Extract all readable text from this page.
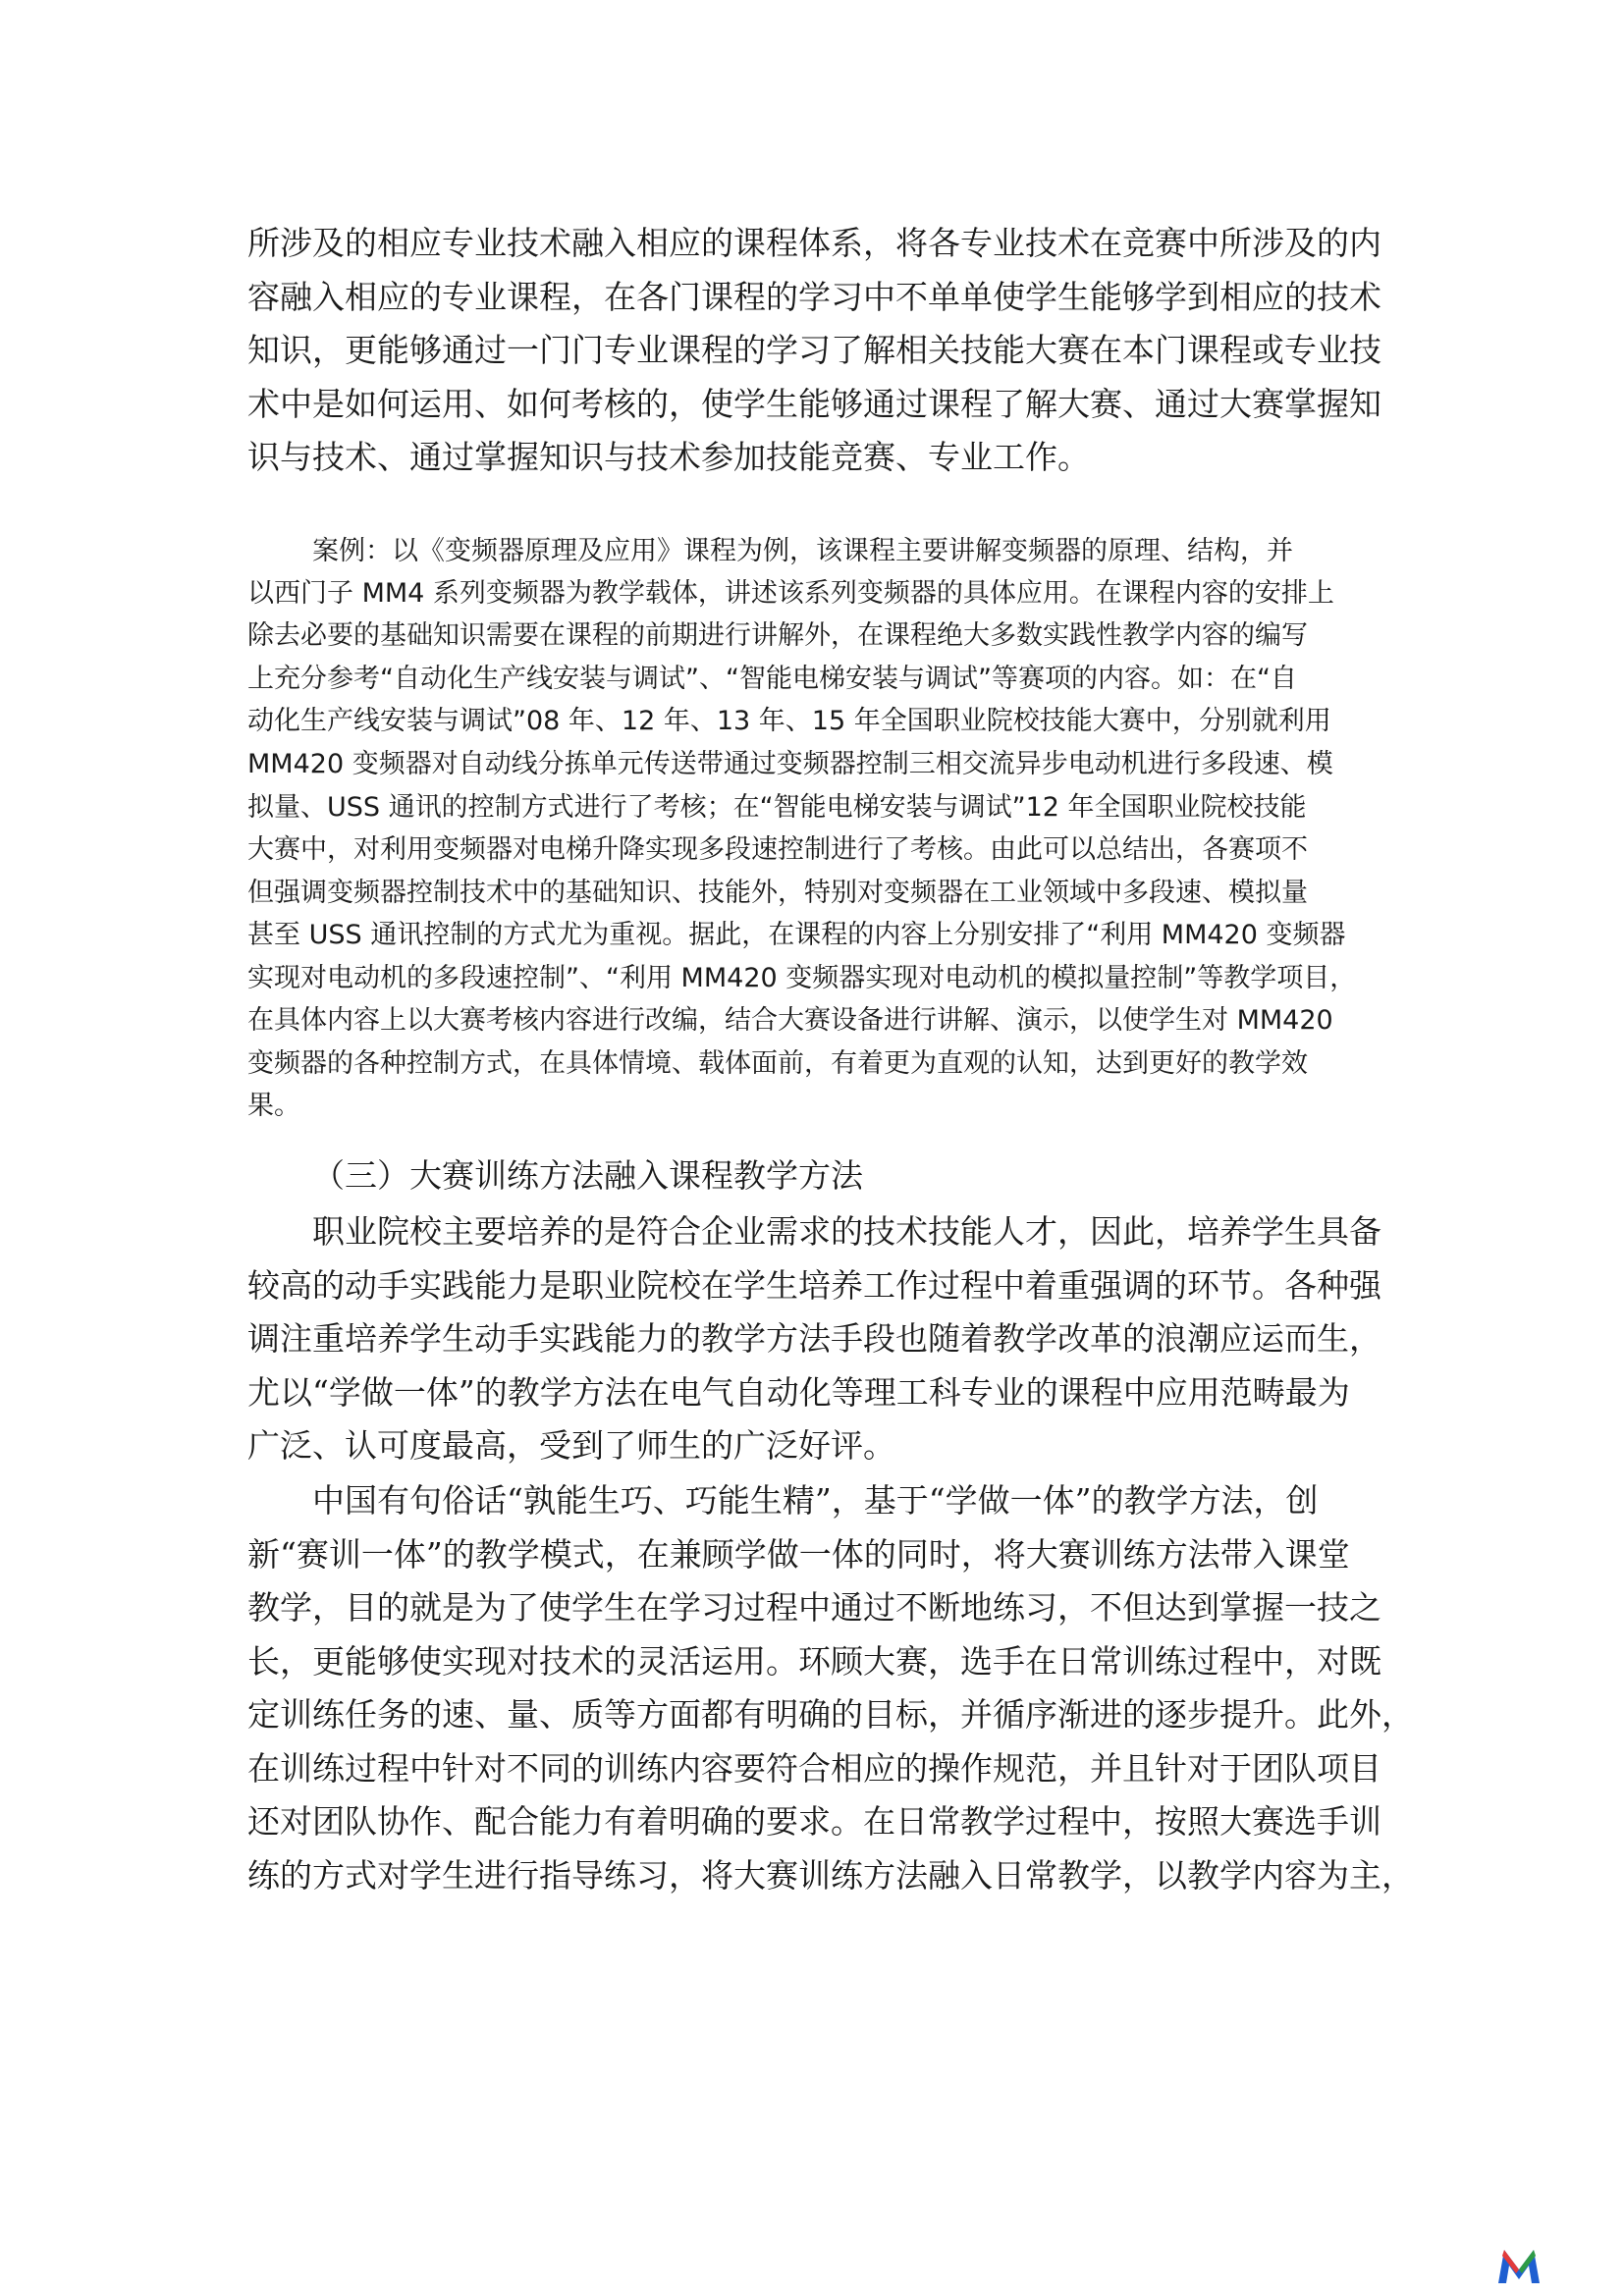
所涉及的相应专业技术融入相应的课程体系，将各专业技术在竞赛中所涉及的内
容融入相应的专业课程，在各门课程的学习中不单单使学生能够学到相应的技术
知识，更能够通过一门门专业课程的学习了解相关技能大赛在本门课程或专业技
术中是如何运用、如何考核的，使学生能够通过课程了解大赛、通过大赛掌握知
识与技术、通过掌握知识与技术参加技能竞赛、专业工作。
案例：以《变频器原理及应用》课程为例，该课程主要讲解变频器的原理、结构，并
以西门子 MM4 系列变频器为教学载体，讲述该系列变频器的具体应用。在课程内容的安排上
除去必要的基础知识需要在课程的前期进行讲解外，在课程绝大多数实践性教学内容的编写
上充分参考“自动化生产线安装与调试”、“智能电梯安装与调试”等赛项的内容。如：在“自
动化生产线安装与调试”08 年、12 年、13 年、15 年全国职业院校技能大赛中，分别就利用
MM420 变频器对自动线分拣单元传送带通过变频器控制三相交流异步电动机进行多段速、模
拟量、USS 通讯的控制方式进行了考核；在“智能电梯安装与调试”12 年全国职业院校技能
大赛中，对利用变频器对电梯升降实现多段速控制进行了考核。由此可以总结出，各赛项不
但强调变频器控制技术中的基础知识、技能外，特别对变频器在工业领域中多段速、模拟量
甚至 USS 通讯控制的方式尤为重视。据此，在课程的内容上分别安排了“利用 MM420 变频器
实现对电动机的多段速控制”、“利用 MM420 变频器实现对电动机的模拟量控制”等教学项目，
在具体内容上以大赛考核内容进行改编，结合大赛设备进行讲解、演示，以使学生对 MM420
变频器的各种控制方式，在具体情境、载体面前，有着更为直观的认知，达到更好的教学效
果。
（三）大赛训练方法融入课程教学方法
职业院校主要培养的是符合企业需求的技术技能人才，因此，培养学生具备
较高的动手实践能力是职业院校在学生培养工作过程中着重强调的环节。各种强
调注重培养学生动手实践能力的教学方法手段也随着教学改革的浪潮应运而生，
尤以“学做一体”的教学方法在电气自动化等理工科专业的课程中应用范畴最为
广泛、认可度最高，受到了师生的广泛好评。
中国有句俗话“孰能生巧、巧能生精”，基于“学做一体”的教学方法，创
新“赛训一体”的教学模式，在兼顾学做一体的同时，将大赛训练方法带入课堂
教学，目的就是为了使学生在学习过程中通过不断地练习，不但达到掌握一技之
长，更能够使实现对技术的灵活运用。环顾大赛，选手在日常训练过程中，对既
定训练任务的速、量、质等方面都有明确的目标，并循序渐进的逐步提升。此外，
在训练过程中针对不同的训练内容要符合相应的操作规范，并且针对于团队项目
还对团队协作、配合能力有着明确的要求。在日常教学过程中，按照大赛选手训
练的方式对学生进行指导练习，将大赛训练方法融入日常教学，以教学内容为主，
